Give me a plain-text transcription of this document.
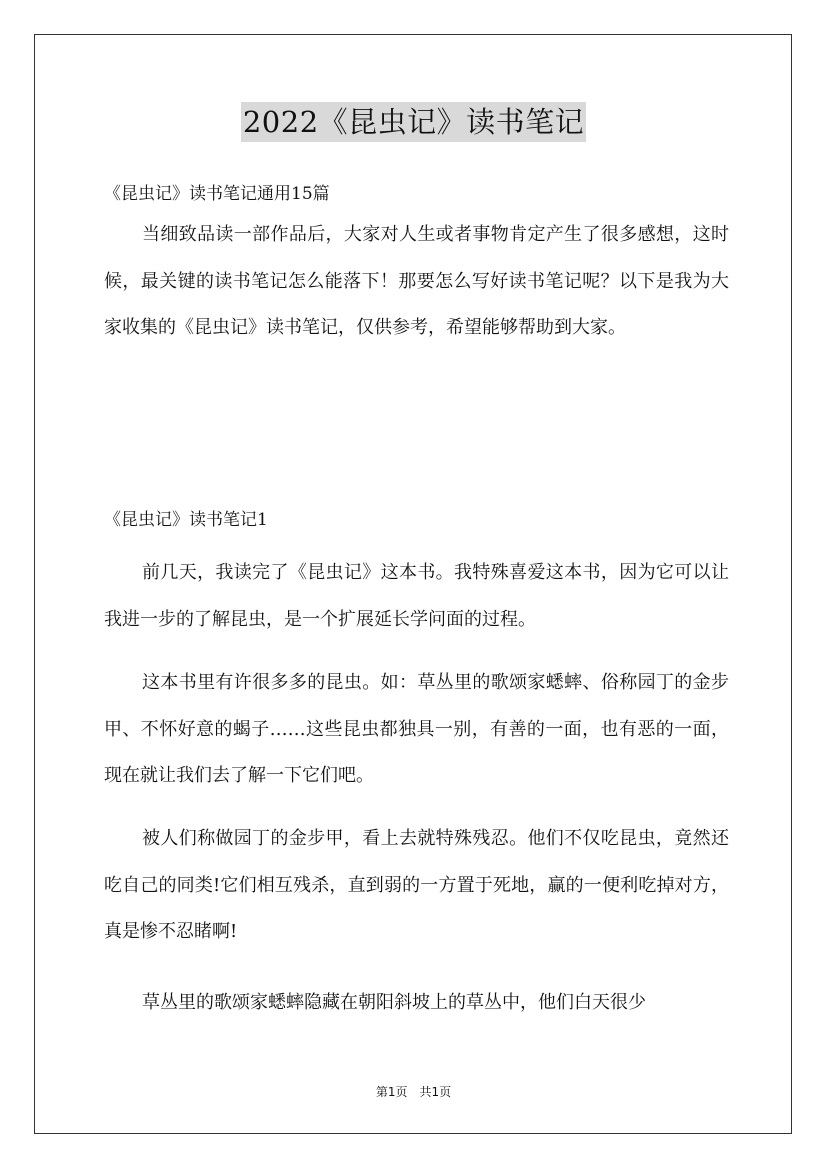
2022《昆虫记》读书笔记
《昆虫记》读书笔记通用15篇

当细致品读一部作品后，大家对人生或者事物肯定产生了很多感想，这时候，最关键的读书笔记怎么能落下！那要怎么写好读书笔记呢？以下是我为大家收集的《昆虫记》读书笔记，仅供参考，希望能够帮助到大家。

《昆虫记》读书笔记1

前几天，我读完了《昆虫记》这本书。我特殊喜爱这本书，因为它可以让我进一步的了解昆虫，是一个扩展延长学问面的过程。

这本书里有许很多多的昆虫。如：草丛里的歌颂家蟋蟀、俗称园丁的金步甲、不怀好意的蝎子……这些昆虫都独具一别，有善的一面，也有恶的一面，现在就让我们去了解一下它们吧。

被人们称做园丁的金步甲，看上去就特殊残忍。他们不仅吃昆虫，竟然还吃自己的同类!它们相互残杀，直到弱的一方置于死地，赢的一便利吃掉对方，真是惨不忍睹啊!

草丛里的歌颂家蟋蟀隐藏在朝阳斜坡上的草丛中，他们白天很少

第1页 共1页
